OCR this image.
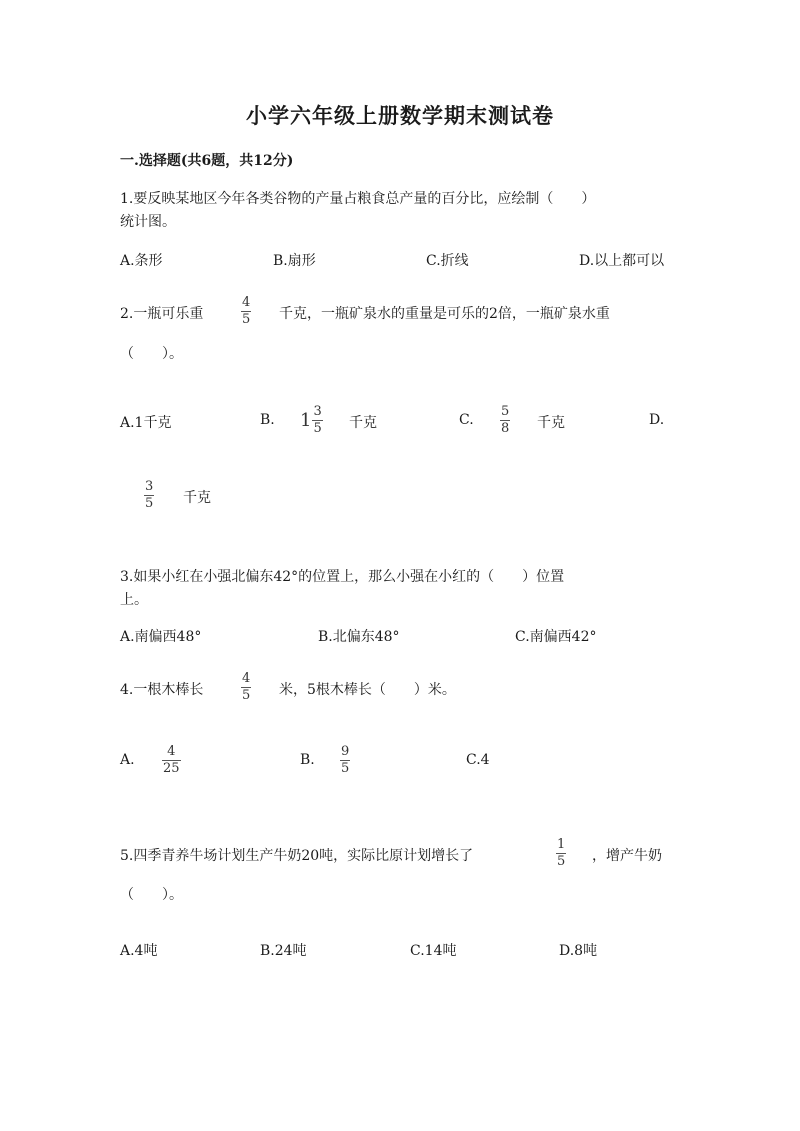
小学六年级上册数学期末测试卷
一.选择题(共6题，共12分)
1.要反映某地区今年各类谷物的产量占粮食总产量的百分比，应绘制（　　）
统计图。
A.条形	B.扇形	C.折线	D.以上都可以
2.一瓶可乐重
4
5 千克，一瓶矿泉水的重量是可乐的2倍，一瓶矿泉水重
（　　）。
A.1千克	B. $1 \frac{3}{5}$ 千克	C.
5
8 千克	D.
3
5 千克
3.如果小红在小强北偏东42°的位置上，那么小强在小红的（　　）位置
上。
A.南偏西48°	B.北偏东48°	C.南偏西42°
4.一根木棒长
4
5 米，5根木棒长（　　）米。
A.
4
25
B.
9
5
C.4
5.四季青养牛场计划生产牛奶20吨，实际比原计划增长了
1
5 ，增产牛奶
（　　）。
A.4吨	B.24吨	C.14吨	D.8吨
